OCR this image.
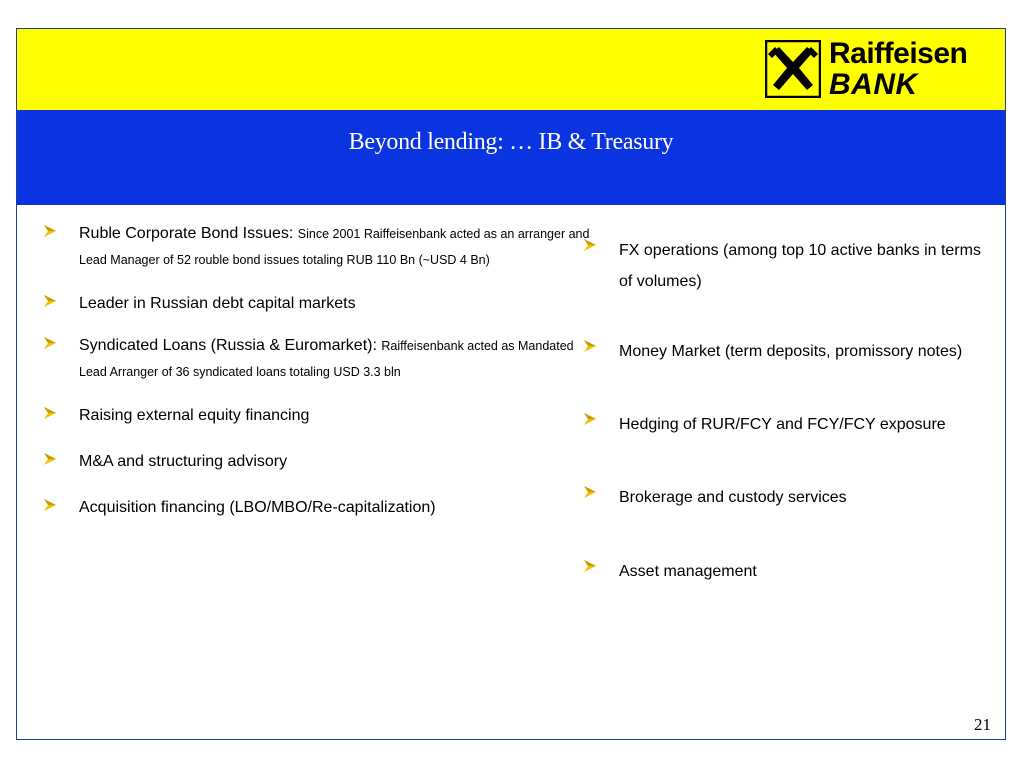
Raiffeisen
BANK
Beyond lending: … IB & Treasury
Ruble Corporate Bond Issues: Since 2001 Raiffeisenbank acted as an arranger and Lead Manager of 52 rouble bond issues totaling RUB 110 Bn (~USD 4 Bn)
Leader in Russian debt capital markets
Syndicated Loans (Russia & Euromarket): Raiffeisenbank acted as Mandated Lead Arranger of 36 syndicated loans totaling USD 3.3 bln
Raising external equity financing
M&A and structuring advisory
Acquisition financing (LBO/MBO/Re-capitalization)
FX operations (among top 10 active banks in terms of volumes)
Money Market (term deposits, promissory notes)
Hedging of RUR/FCY and FCY/FCY exposure
Brokerage and custody services
Asset management
21
